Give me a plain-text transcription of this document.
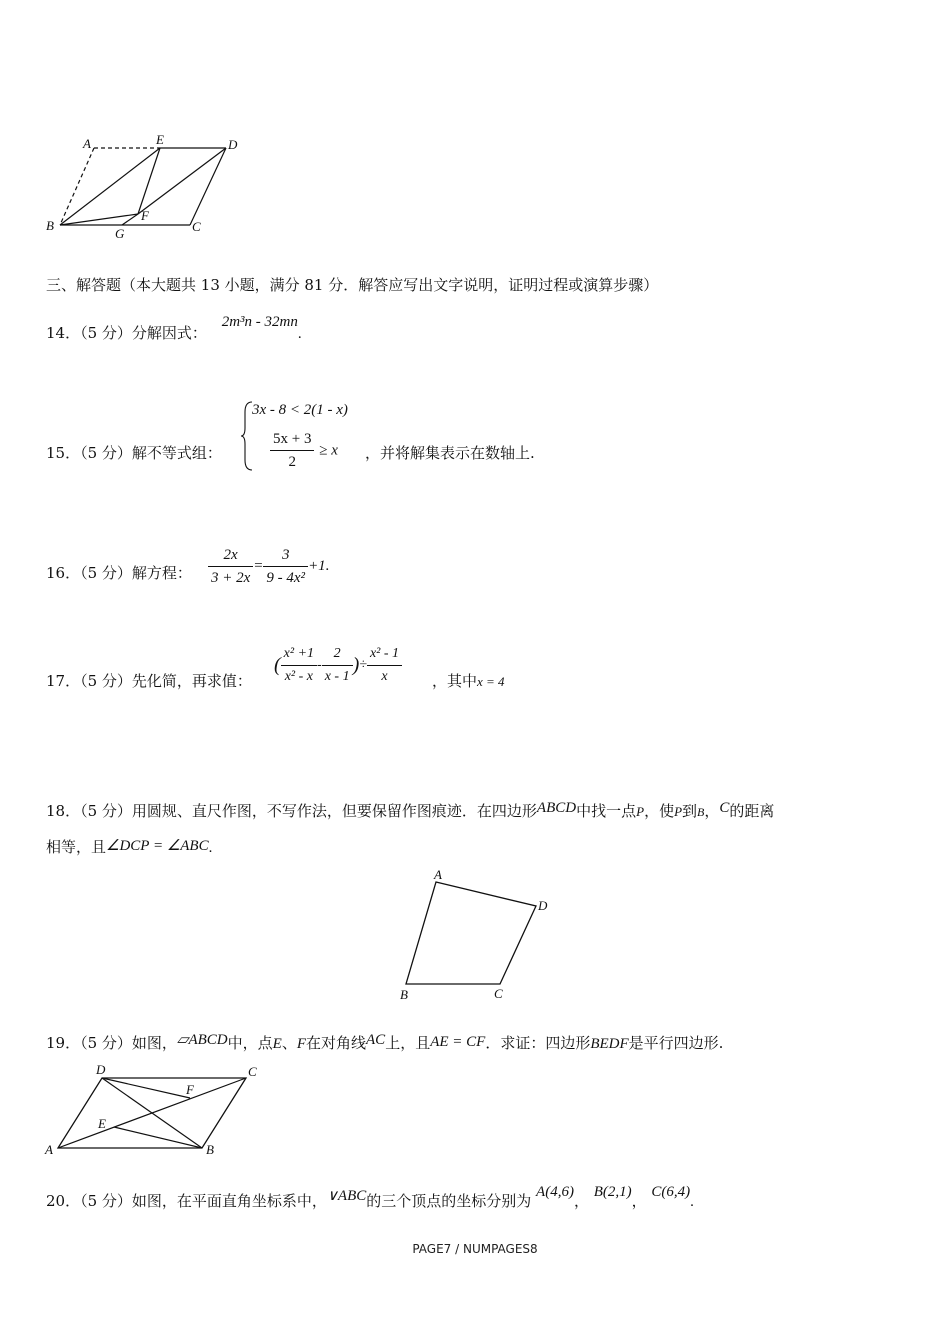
A	E	D
B
F
G	C
三、解答题（本大题共 13 小题，满分 81 分．解答应写出文字说明，证明过程或演算步骤）
14．（5 分）分解因式： 2m³n - 32mn.
15．（5 分）解不等式组：
3x - 8 < 2(1 - x)
$\frac{5x + 3}{2} \ge x$ ，并将解集表示在数轴上.
16．（5 分）解方程： $\frac{2x}{3 + 2x} = \frac{3}{\text{9 - 4x²}} +1$.
17．（5 分）先化简，再求值：
( $\frac{\text{x² +1}}{\text{x² - x}} - \frac{2}{x - 1}$ )÷ $\frac{\text{x² - 1}}{x}$ ，其中x = 4
18．（5 分）用圆规、直尺作图，不写作法，但要保留作图痕迹．在四边形ABCD中找一点P，使P到B，C的距离
相等，且∠DCP = ∠ABC.
A
D
B	C
19．（5 分）如图，▱ABCD中，点E、F在对角线AC上，且AE = CF．求证：四边形BEDF是平行四边形.
D	C
F
E
A	B
20．（5 分）如图，在平面直角坐标系中，∨ABC的三个顶点的坐标分别为 A(4,6)， B(2,1)， C(6,4).
PAGE7 / NUMPAGES8
